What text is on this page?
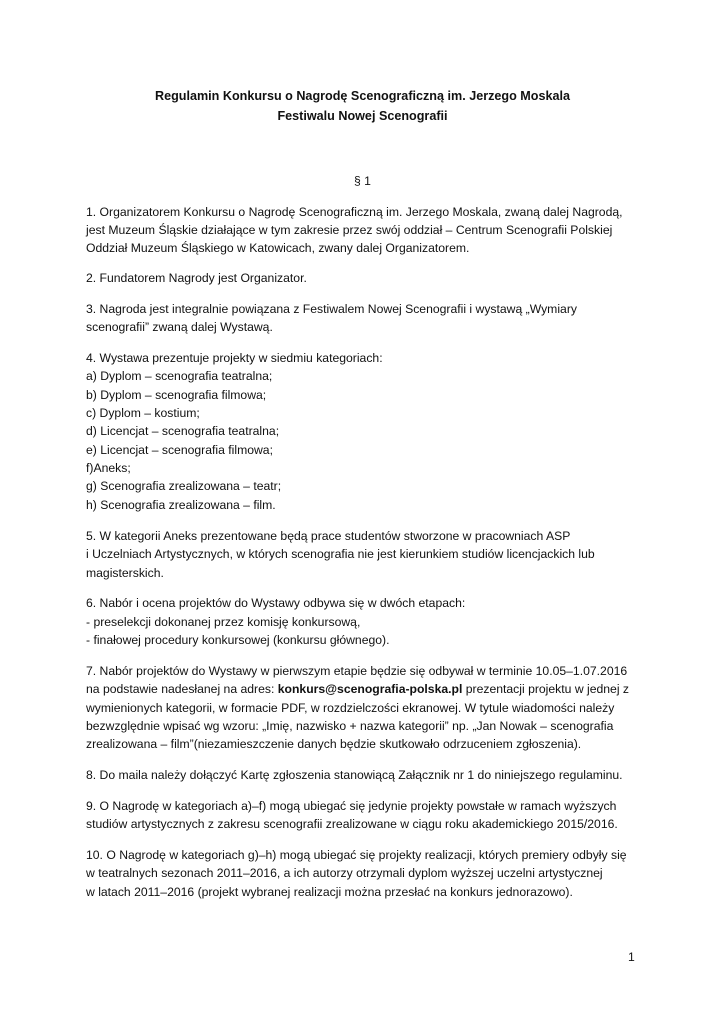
Regulamin Konkursu o Nagrodę Scenograficzną im. Jerzego Moskala
Festiwalu Nowej Scenografii
§ 1
1. Organizatorem Konkursu o Nagrodę Scenograficzną im. Jerzego Moskala, zwaną dalej Nagrodą,
jest Muzeum Śląskie działające w tym zakresie przez swój oddział – Centrum Scenografii Polskiej
Oddział Muzeum Śląskiego w Katowicach, zwany dalej Organizatorem.
2. Fundatorem Nagrody jest Organizator.
3. Nagroda jest integralnie powiązana z Festiwalem Nowej Scenografii i wystawą „Wymiary
scenografii” zwaną dalej Wystawą.
4. Wystawa prezentuje projekty w siedmiu kategoriach:
a) Dyplom – scenografia teatralna;
b) Dyplom – scenografia filmowa;
c) Dyplom – kostium;
d) Licencjat – scenografia teatralna;
e) Licencjat – scenografia filmowa;
f)Aneks;
g) Scenografia zrealizowana – teatr;
h) Scenografia zrealizowana – film.
5. W kategorii Aneks prezentowane będą prace studentów stworzone w pracowniach ASP
i Uczelniach Artystycznych, w których scenografia nie jest kierunkiem studiów licencjackich lub
magisterskich.
6. Nabór i ocena projektów do Wystawy odbywa się w dwóch etapach:
- preselekcji dokonanej przez komisję konkursową,
- finałowej procedury konkursowej (konkursu głównego).
7. Nabór projektów do Wystawy w pierwszym etapie będzie się odbywał w terminie 10.05–1.07.2016
na podstawie nadesłanej na adres: konkurs@scenografia-polska.pl prezentacji projektu w jednej z
wymienionych kategorii, w formacie PDF, w rozdzielczości ekranowej. W tytule wiadomości należy
bezwzględnie wpisać wg wzoru: „Imię, nazwisko + nazwa kategorii” np. „Jan Nowak – scenografia
zrealizowana – film”(niezamieszczenie danych będzie skutkowało odrzuceniem zgłoszenia).
8. Do maila należy dołączyć Kartę zgłoszenia stanowiącą Załącznik nr 1 do niniejszego regulaminu.
9. O Nagrodę w kategoriach a)–f) mogą ubiegać się jedynie projekty powstałe w ramach wyższych
studiów artystycznych z zakresu scenografii zrealizowane w ciągu roku akademickiego 2015/2016.
10. O Nagrodę w kategoriach g)–h) mogą ubiegać się projekty realizacji, których premiery odbyły się
w teatralnych sezonach 2011–2016, a ich autorzy otrzymali dyplom wyższej uczelni artystycznej
w latach 2011–2016 (projekt wybranej realizacji można przesłać na konkurs jednorazowo).
1
